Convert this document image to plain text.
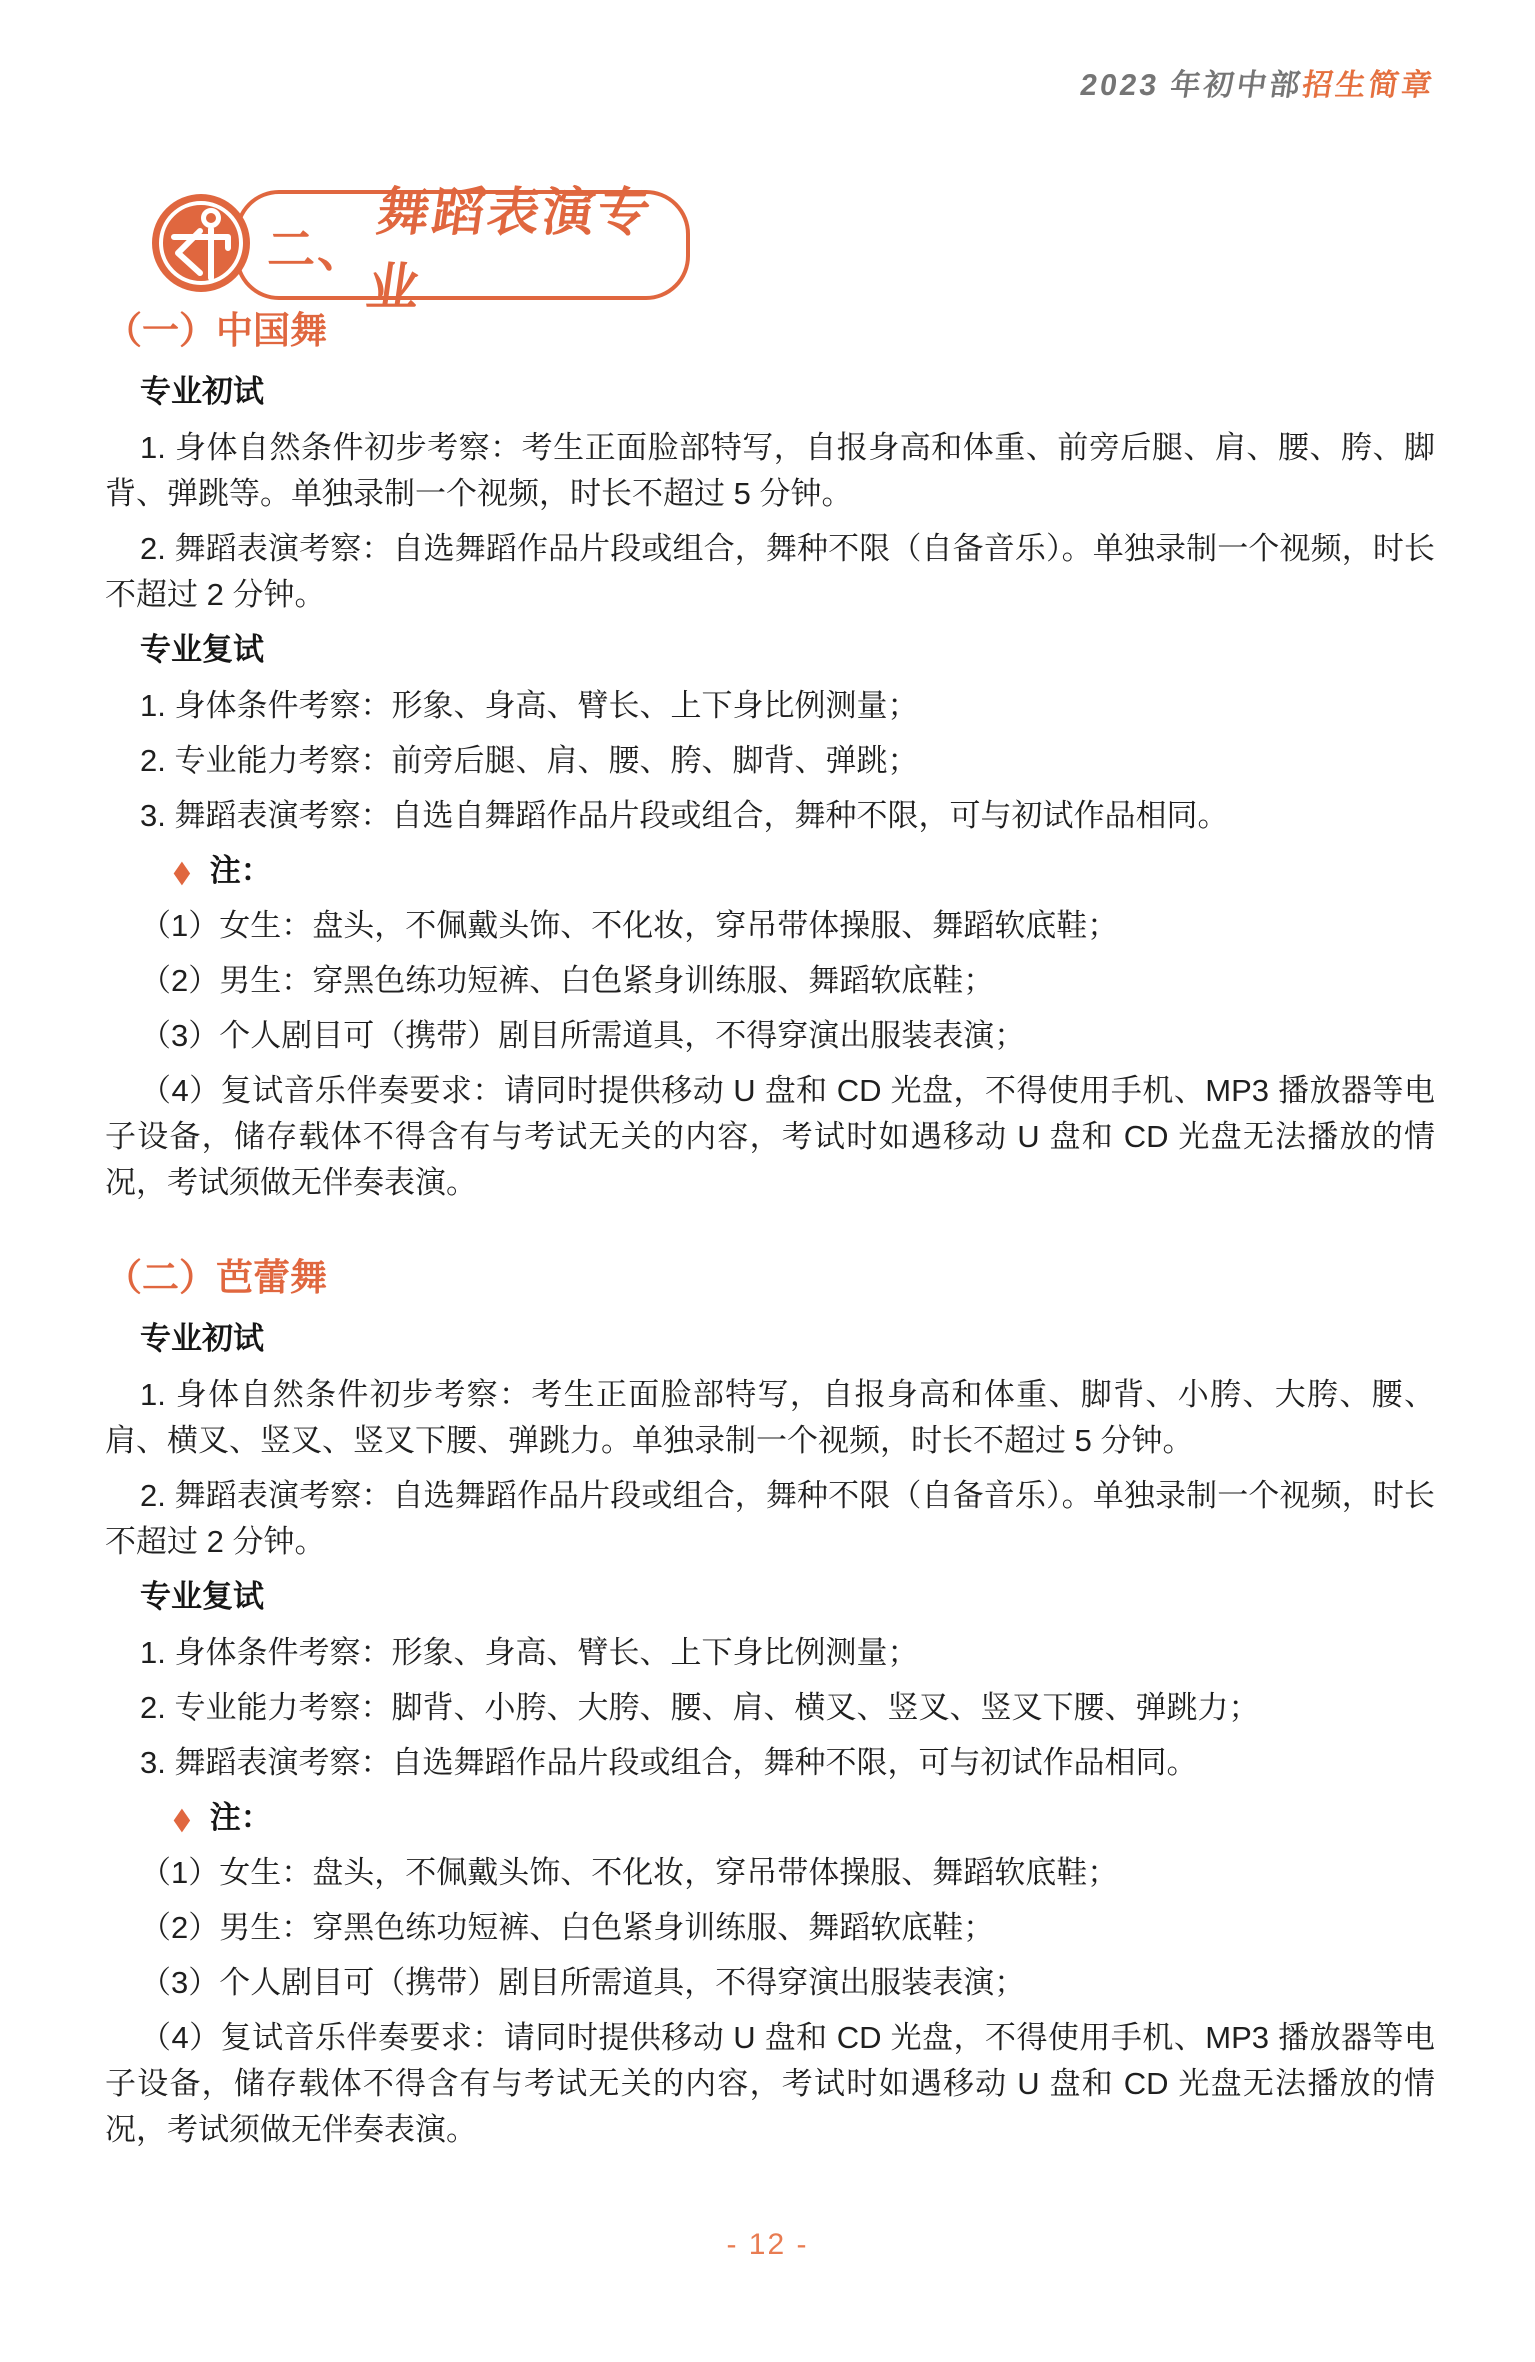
2023 年初中部招生简章
二、
舞蹈表演专业
（一）中国舞

专业初试

1. 身体自然条件初步考察：考生正面脸部特写，自报身高和体重、前旁后腿、肩、腰、胯、脚背、弹跳等。单独录制一个视频，时长不超过 5 分钟。

2. 舞蹈表演考察：自选舞蹈作品片段或组合，舞种不限（自备音乐）。单独录制一个视频，时长不超过 2 分钟。

专业复试

1. 身体条件考察：形象、身高、臂长、上下身比例测量；

2. 专业能力考察：前旁后腿、肩、腰、胯、脚背、弹跳；

3. 舞蹈表演考察：自选自舞蹈作品片段或组合，舞种不限，可与初试作品相同。

◆ 注：

（1）女生：盘头，不佩戴头饰、不化妆，穿吊带体操服、舞蹈软底鞋；

（2）男生：穿黑色练功短裤、白色紧身训练服、舞蹈软底鞋；

（3）个人剧目可（携带）剧目所需道具，不得穿演出服装表演；

（4）复试音乐伴奏要求：请同时提供移动 U 盘和 CD 光盘，不得使用手机、MP3 播放器等电子设备，储存载体不得含有与考试无关的内容，考试时如遇移动 U 盘和 CD 光盘无法播放的情况，考试须做无伴奏表演。

（二）芭蕾舞

专业初试

1. 身体自然条件初步考察：考生正面脸部特写，自报身高和体重、脚背、小胯、大胯、腰、肩、横叉、竖叉、竖叉下腰、弹跳力。单独录制一个视频，时长不超过 5 分钟。

2. 舞蹈表演考察：自选舞蹈作品片段或组合，舞种不限（自备音乐）。单独录制一个视频，时长不超过 2 分钟。

专业复试

1. 身体条件考察：形象、身高、臂长、上下身比例测量；

2. 专业能力考察：脚背、小胯、大胯、腰、肩、横叉、竖叉、竖叉下腰、弹跳力；

3. 舞蹈表演考察：自选舞蹈作品片段或组合，舞种不限，可与初试作品相同。

◆ 注：

（1）女生：盘头，不佩戴头饰、不化妆，穿吊带体操服、舞蹈软底鞋；

（2）男生：穿黑色练功短裤、白色紧身训练服、舞蹈软底鞋；

（3）个人剧目可（携带）剧目所需道具，不得穿演出服装表演；

（4）复试音乐伴奏要求：请同时提供移动 U 盘和 CD 光盘，不得使用手机、MP3 播放器等电子设备，储存载体不得含有与考试无关的内容，考试时如遇移动 U 盘和 CD 光盘无法播放的情况，考试须做无伴奏表演。

- 12 -
